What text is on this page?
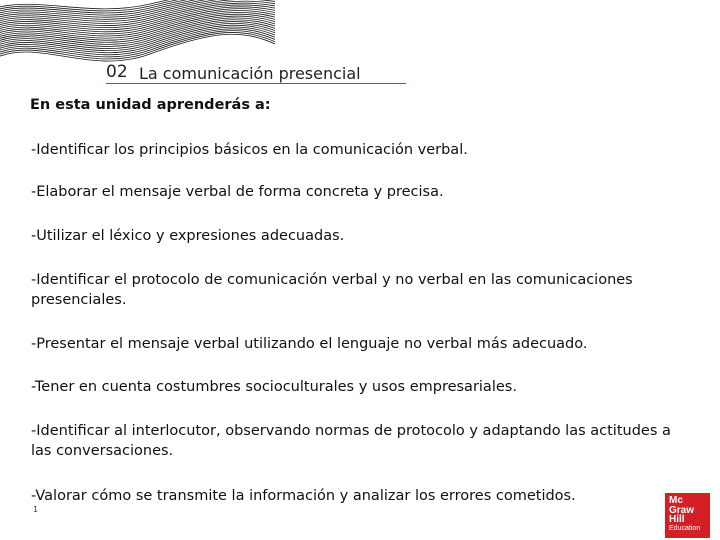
02 La comunicación presencial
En esta unidad aprenderás a:
-Identificar los principios básicos en la comunicación verbal.
-Elaborar el mensaje verbal de forma concreta y precisa.
-Utilizar el léxico y expresiones adecuadas.
-Identificar el protocolo de comunicación verbal y no verbal en las comunicaciones presenciales.
-Presentar el mensaje verbal utilizando el lenguaje no verbal más adecuado.
-Tener en cuenta costumbres socioculturales y usos empresariales.
-Identificar al interlocutor, observando normas de protocolo y adaptando las actitudes a las conversaciones.
-Valorar cómo se transmite la información y analizar los errores cometidos.
1
Mc
Graw
Hill
Education
